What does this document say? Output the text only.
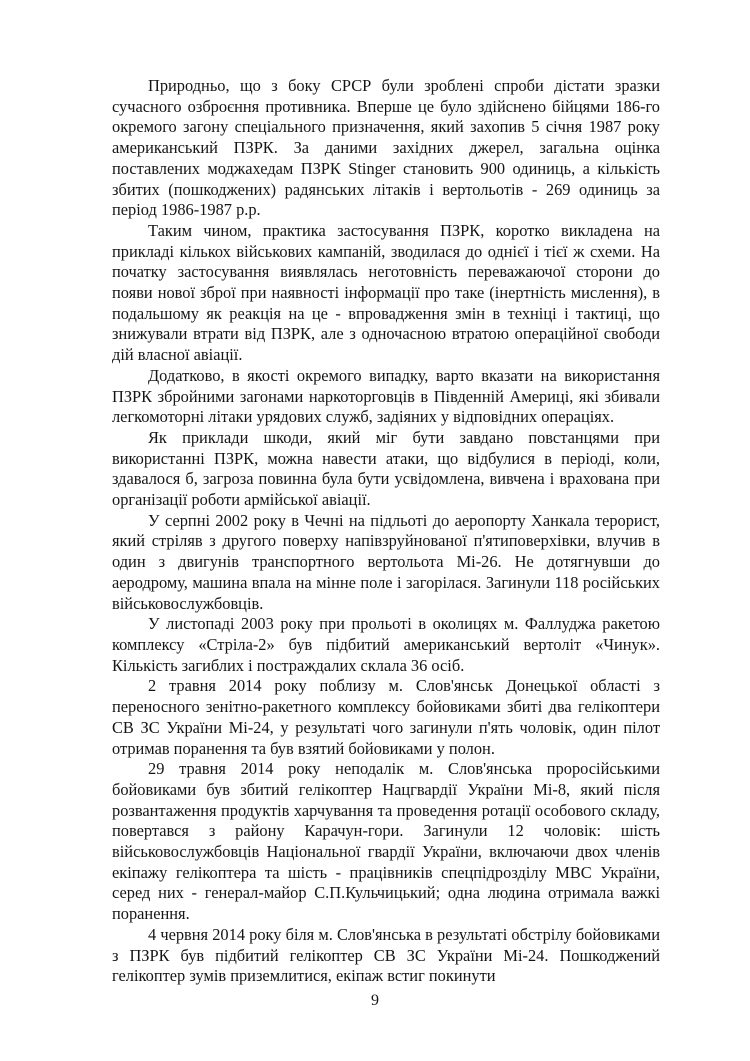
Природньо, що з боку СРСР були зроблені спроби дістати зразки сучасного озброєння противника. Вперше це було здійснено бійцями 186-го окремого загону спеціального призначення, який захопив 5 січня 1987 року американський ПЗРК. За даними західних джерел, загальна оцінка поставлених моджахедам ПЗРК Stinger становить 900 одиниць, а кількість збитих (пошкоджених) радянських літаків і вертольотів - 269 одиниць за період 1986-1987 р.р.

Таким чином, практика застосування ПЗРК, коротко викладена на прикладі кількох військових кампаній, зводилася до однієї і тієї ж схеми. На початку застосування виявлялась неготовність переважаючої сторони до появи нової зброї при наявності інформації про таке (інертність мислення), в подальшому як реакція на це - впровадження змін в техніці і тактиці, що знижували втрати від ПЗРК, але з одночасною втратою операційної свободи дій власної авіації.

Додатково, в якості окремого випадку, варто вказати на використання ПЗРК збройними загонами наркоторговців в Південній Америці, які збивали легкомоторні літаки урядових служб, задіяних у відповідних операціях.

Як приклади шкоди, який міг бути завдано повстанцями при використанні ПЗРК, можна навести атаки, що відбулися в періоді, коли, здавалося б, загроза повинна була бути усвідомлена, вивчена і врахована при організації роботи армійської авіації.

У серпні 2002 року в Чечні на підльоті до аеропорту Ханкала терорист, який стріляв з другого поверху напівзруйнованої п'ятиповерхівки, влучив в один з двигунів транспортного вертольота Мі-26. Не дотягнувши до аеродрому, машина впала на мінне поле і загорілася. Загинули 118 російських військовослужбовців.

У листопаді 2003 року при прольоті в околицях м. Фаллуджа ракетою комплексу «Стріла-2» був підбитий американський вертоліт «Чинук». Кількість загиблих і постраждалих склала 36 осіб.

2 травня 2014 року поблизу м. Слов'янськ Донецької області з переносного зенітно-ракетного комплексу бойовиками збиті два гелікоптери СВ ЗС України Мі-24, у результаті чого загинули п'ять чоловік, один пілот отримав поранення та був взятий бойовиками у полон.

29 травня 2014 року неподалік м. Слов'янська проросійськими бойовиками був збитий гелікоптер Нацгвардії України Мі-8, який після розвантаження продуктів харчування та проведення ротації особового складу, повертався з району Карачун-гори. Загинули 12 чоловік: шість військовослужбовців Національної гвардії України, включаючи двох членів екіпажу гелікоптера та шість - працівників спецпідрозділу МВС України, серед них - генерал-майор С.П.Кульчицький; одна людина отримала важкі поранення.

4 червня 2014 року біля м. Слов'янська в результаті обстрілу бойовиками з ПЗРК був підбитий гелікоптер СВ ЗС України Мі-24. Пошкоджений гелікоптер зумів приземлитися, екіпаж встиг покинути

9
